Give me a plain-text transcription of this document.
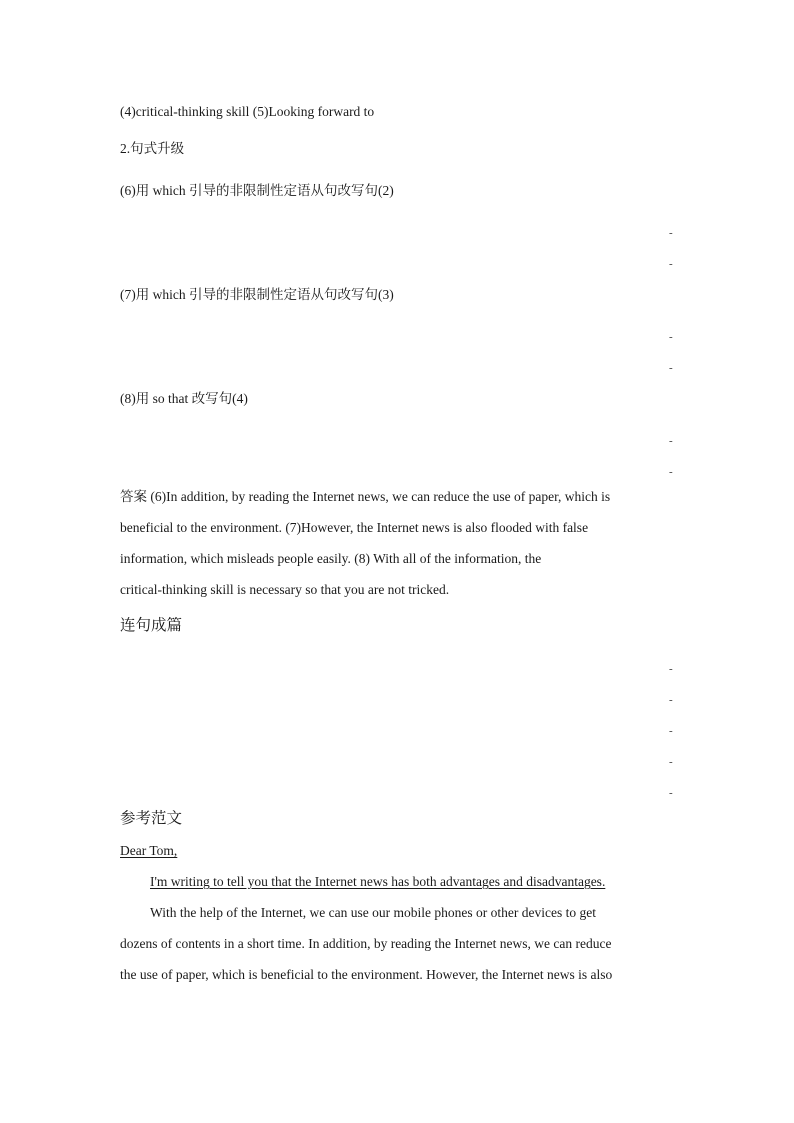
(4)critical-thinking skill (5)Looking forward to
2.句式升级
(6)用 which 引导的非限制性定语从句改写句(2)
-
-
(7)用 which 引导的非限制性定语从句改写句(3)
-
-
(8)用 so that 改写句(4)
-
-
答案 (6)In addition, by reading the Internet news, we can reduce the use of paper, which is
beneficial to the environment. (7)However, the Internet news is also flooded with false
information, which misleads people easily. (8) With all of the information, the
critical-thinking skill is necessary so that you are not tricked.
连句成篇
-
-
-
-
-
参考范文
Dear Tom,
I'm writing to tell you that the Internet news has both advantages and disadvantages.
With the help of the Internet, we can use our mobile phones or other devices to get
dozens of contents in a short time. In addition, by reading the Internet news, we can reduce
the use of paper, which is beneficial to the environment. However, the Internet news is also
